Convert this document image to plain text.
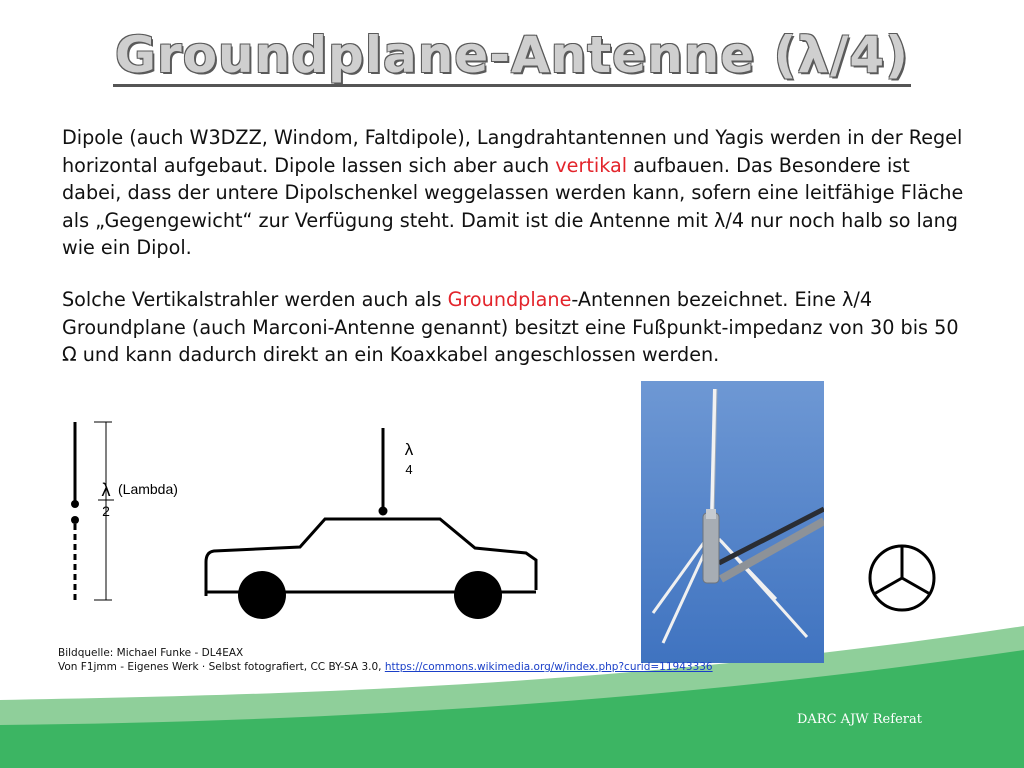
Groundplane-Antenne (λ/4)

Dipole (auch W3DZZ, Windom, Faltdipole), Langdrahtantennen und Yagis werden in der Regel horizontal aufgebaut. Dipole lassen sich aber auch vertikal aufbauen. Das Besondere ist dabei, dass der untere Dipolschenkel weggelassen werden kann, sofern eine leitfähige Fläche als „Gegengewicht“ zur Verfügung steht. Damit ist die Antenne mit λ/4 nur noch halb so lang wie ein Dipol.

Solche Vertikalstrahler werden auch als Groundplane-Antennen bezeichnet. Eine λ/4 Groundplane (auch Marconi-Antenne genannt) besitzt eine Fußpunkt-impedanz von 30 bis 50 Ω und kann dadurch direkt an ein Koaxkabel angeschlossen werden.

λ (Lambda)
2
λ
4
Bildquelle: Michael Funke - DL4EAX
Von F1jmm - Eigenes Werk · Selbst fotografiert, CC BY-SA 3.0, https://commons.wikimedia.org/w/index.php?curid=11943336
DARC AJW Referat
